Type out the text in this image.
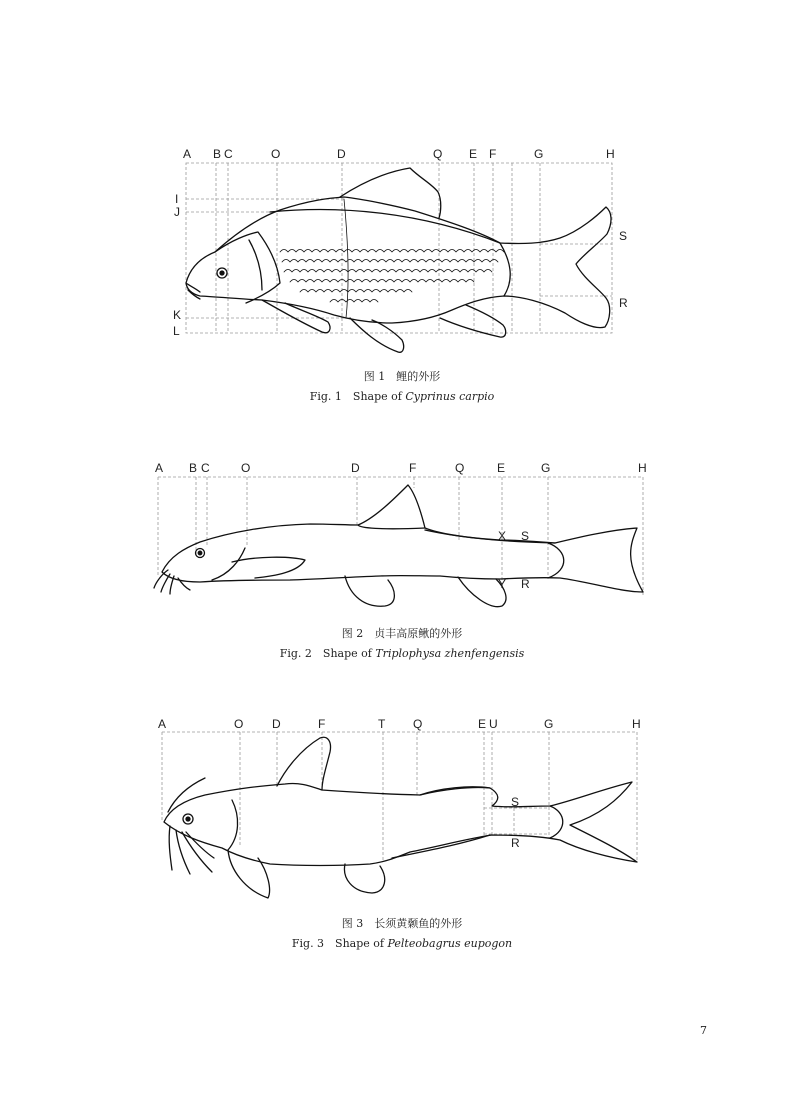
A B C	O	D	Q E F	G	H
I
J
K
L
S
R
A B C	O	D	F	Q	E	G	H
X S
Y R
A	O D	F	T Q	E U	G	H
S
R
图 1　鲤的外形
Fig. 1　Shape of Cyprinus carpio
图 2　贞丰高原鳅的外形
Fig. 2　Shape of Triplophysa zhenfengensis
图 3　长须黄颡鱼的外形
Fig. 3　Shape of Pelteobagrus eupogon
7
